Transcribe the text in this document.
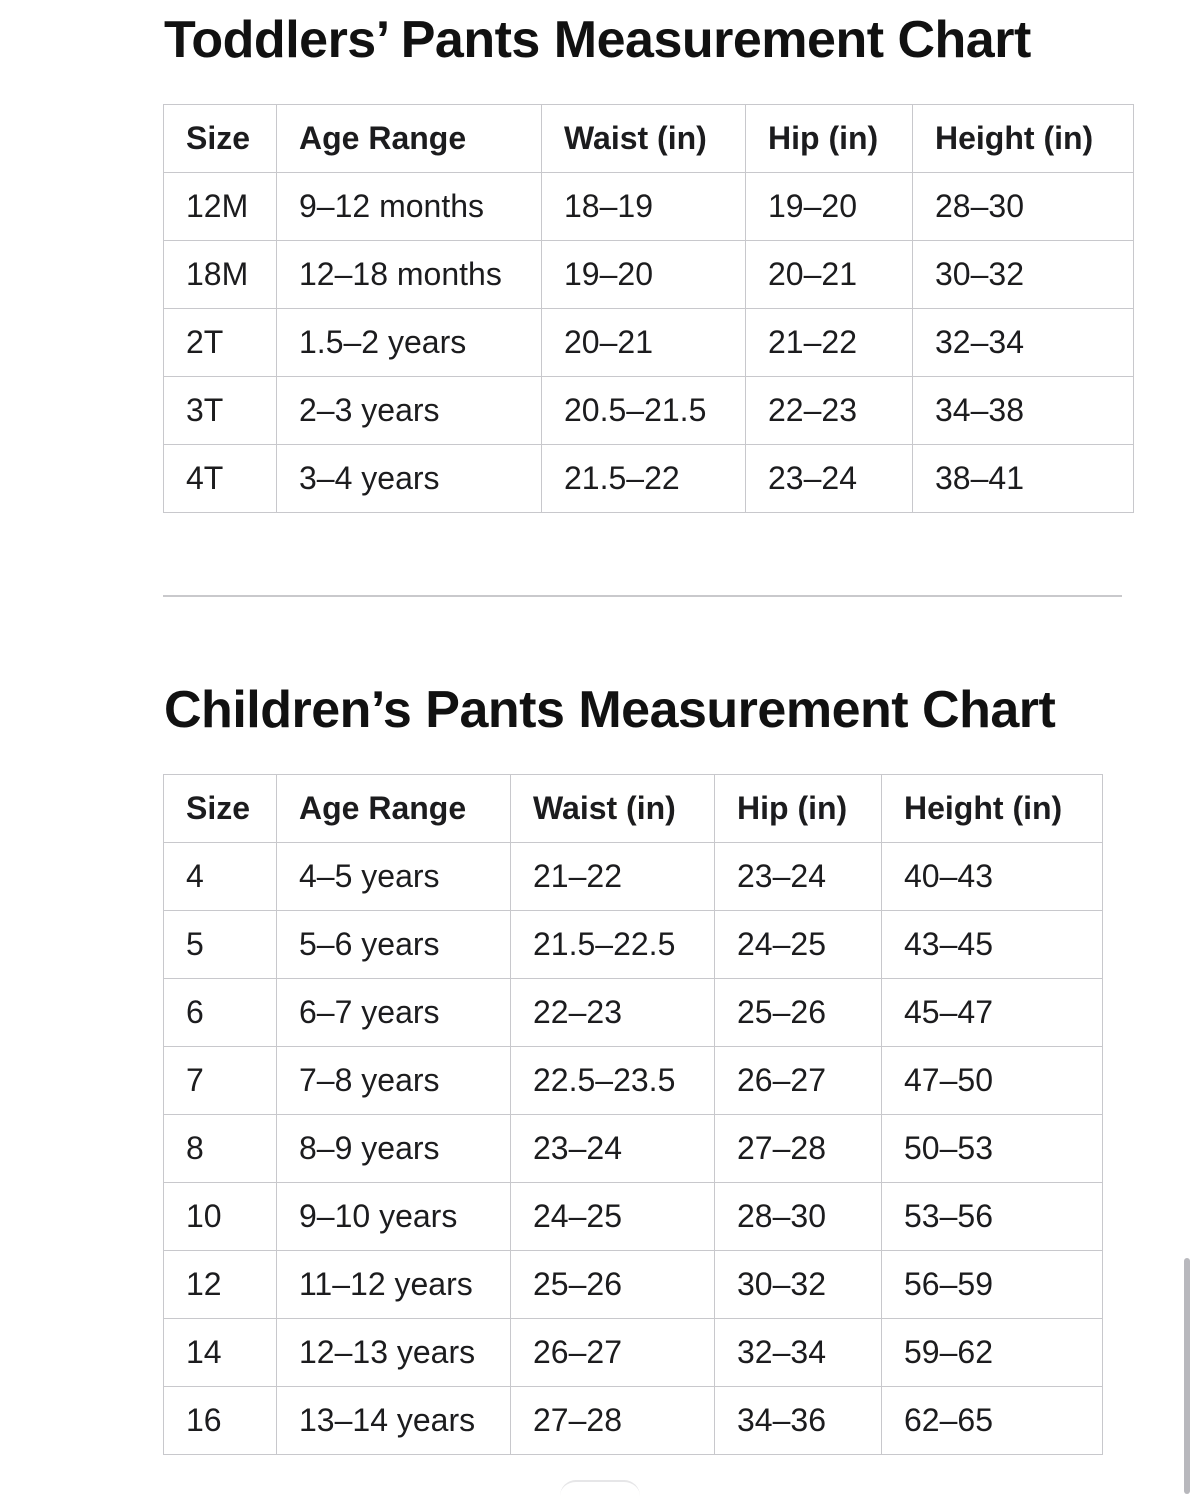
Toddlers’ Pants Measurement Chart
Size	Age Range	Waist (in)	Hip (in)	Height (in)
12M	9–12 months	18–19	19–20	28–30
18M	12–18 months	19–20	20–21	30–32
2T	1.5–2 years	20–21	21–22	32–34
3T	2–3 years	20.5–21.5	22–23	34–38
4T	3–4 years	21.5–22	23–24	38–41
Children’s Pants Measurement Chart
Size	Age Range	Waist (in)	Hip (in)	Height (in)
4	4–5 years	21–22	23–24	40–43
5	5–6 years	21.5–22.5	24–25	43–45
6	6–7 years	22–23	25–26	45–47
7	7–8 years	22.5–23.5	26–27	47–50
8	8–9 years	23–24	27–28	50–53
10	9–10 years	24–25	28–30	53–56
12	11–12 years	25–26	30–32	56–59
14	12–13 years	26–27	32–34	59–62
16	13–14 years	27–28	34–36	62–65
